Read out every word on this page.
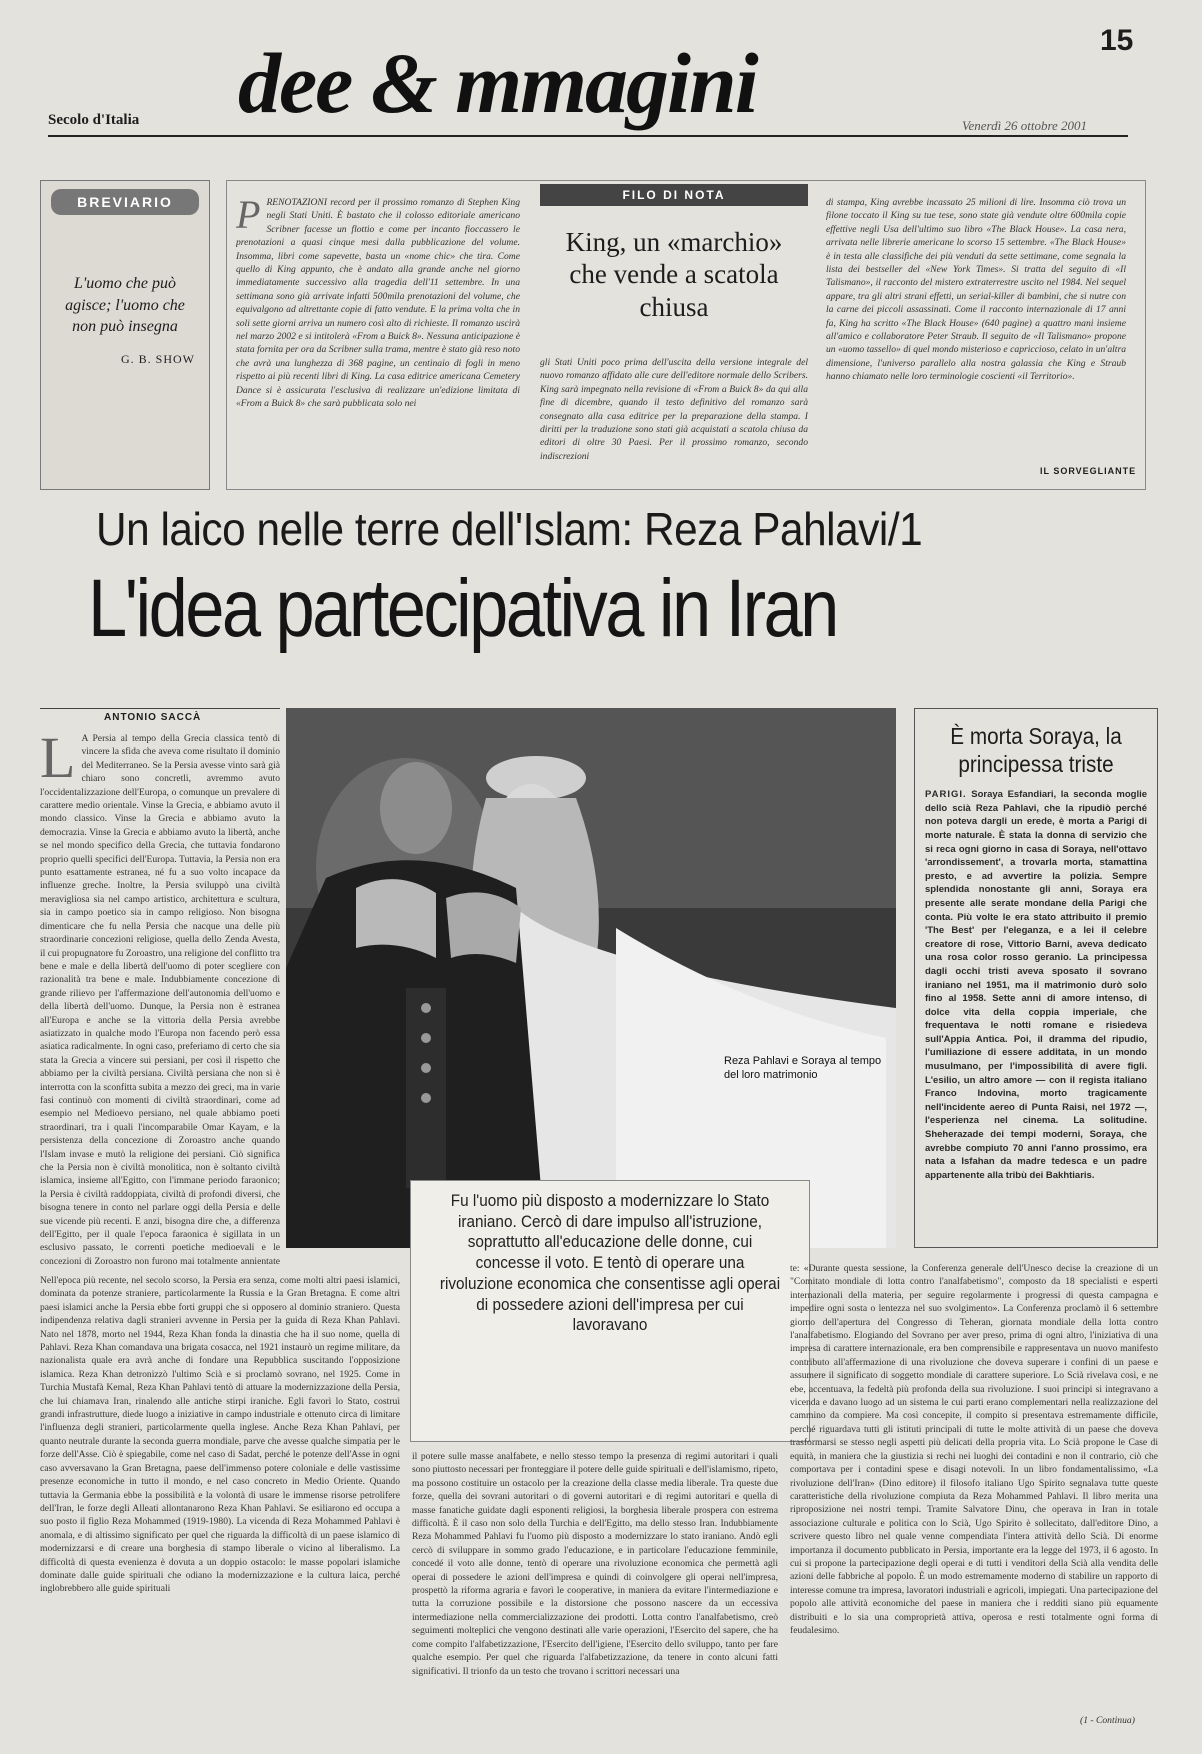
15
dee & mmagini
Secolo d'Italia	Venerdì 26 ottobre 2001
BREVIARIO
L'uomo che può agisce; l'uomo che non può insegna
G. B. SHOW
PRENOTAZIONI record per il prossimo romanzo di Stephen King negli Stati Uniti. È bastato che il colosso editoriale americano Scribner facesse un flottio e come per incanto fioccassero le prenotazioni a quasi cinque mesi dalla pubblicazione del volume. Insomma, libri come sapevette, basta un «nome chic» che tira. Come quello di King appunto, che è andato alla grande anche nel giorno immediatamente successivo alla tragedia dell'11 settembre. In una settimana sono già arrivate infatti 500mila prenotazioni del volume, che equivalgono ad altrettante copie di fatto vendute. E la prima volta che in soli sette giorni arriva un numero così alto di richieste. Il romanzo uscirà nel marzo 2002 e si intitolerà «From a Buick 8». Nessuna anticipazione è stata fornita per ora da Scribner sulla trama, mentre è stato già reso noto che avrà una lunghezza di 368 pagine, un centinaio di fogli in meno rispetto ai più recenti libri di King. La casa editrice americana Cemetery Dance si è assicurata l'esclusiva di realizzare un'edizione limitata di «From a Buick 8» che sarà pubblicata solo nei
FILO DI NOTA
King, un «marchio» che vende a scatola chiusa
gli Stati Uniti poco prima dell'uscita della versione integrale del nuovo romanzo affidato alle cure dell'editore normale dello Scribers. King sarà impegnato nella revisione di «From a Buick 8» da qui alla fine di dicembre, quando il testo definitivo del romanzo sarà consegnato alla casa editrice per la preparazione della stampa. I diritti per la traduzione sono stati già acquistati a scatola chiusa da editori di oltre 30 Paesi. Per il prossimo romanzo, secondo indiscrezioni
di stampa, King avrebbe incassato 25 milioni di lire. Insomma ciò trova un filone toccato il King su tue tese, sono state già vendute oltre 600mila copie effettive negli Usa dell'ultimo suo libro «The Black House». La casa nera, arrivata nelle librerie americane lo scorso 15 settembre. «The Black House» è in testa alle classifiche dei più venduti da sette settimane, come segnala la lista dei bestseller del «New York Times». Si tratta del seguito di «Il Talismano», il racconto del mistero extraterrestre uscito nel 1984. Nel sequel appare, tra gli altri strani effetti, un serial-killer di bambini, che si nutre con la carne dei piccoli assassinati. Come il racconto internazionale di 17 anni fa, King ha scritto «The Black House» (640 pagine) a quattro mani insieme all'amico e collaboratore Peter Straub. Il seguito de «Il Talismano» propone un «uomo tassello» di quel mondo misterioso e capriccioso, celato in un'altra dimensione, l'universo parallelo alla nostra galassia che King e Straub hanno chiamato nelle loro terminologie coscienti «il Territorio».
IL SORVEGLIANTE
Un laico nelle terre dell'Islam: Reza Pahlavi/1
L'idea partecipativa in Iran
ANTONIO SACCÀ
L A Persia al tempo della Grecia classica tentò di vincere la sfida che aveva come risultato il dominio del Mediterraneo. Se la Persia avesse vinto sarà già chiaro sono concretli, avremmo avuto l'occidentalizzazione dell'Europa, o comunque un prevalere di carattere medio orientale. Vinse la Grecia, e abbiamo avuto il mondo classico. Vinse la Grecia e abbiamo avuto la democrazia. Vinse la Grecia e abbiamo avuto la libertà, anche se nel mondo specifico della Grecia, che tuttavia fondarono proprio quelli specifici dell'Europa. Tuttavia, la Persia non era punto esattamente estranea, né fu a suo volto incapace da influenze greche. Inoltre, la Persia sviluppò una civiltà meravigliosa sia nel campo artistico, architettura e scultura, sia in campo poetico sia in campo religioso. Non bisogna dimenticare che fu nella Persia che nacque una delle più straordinarie concezioni religiose, quella dello Zenda Avesta, il cui propugnatore fu Zoroastro, una religione del conflitto tra bene e male e della libertà dell'uomo di poter scegliere con razionalità tra bene e male. Indubbiamente concezione di grande rilievo per l'affermazione dell'autonomia dell'uomo e della libertà dell'uomo. Dunque, la Persia non è estranea all'Europa e anche se la vittoria della Persia avrebbe asiatizzato in qualche modo l'Europa non facendo però essa asiatica radicalmente. In ogni caso, preferiamo di certo che sia stata la Grecia a vincere sui persiani, per così il rispetto che abbiamo per la civiltà persiana. Civiltà persiana che non si è interrotta con la sconfitta subita a mezzo dei greci, ma in varie fasi continuò con momenti di civiltà straordinari, come ad esempio nel Medioevo persiano, nel quale abbiamo poeti straordinari, tra i quali l'incomparabile Omar Kayam, e la persistenza della concezione di Zoroastro anche quando l'Islam invase e mutò la religione dei persiani. Ciò significa che la Persia non è civiltà monolitica, non è soltanto civiltà islamica, insieme all'Egitto, con l'immane periodo faraonico; la Persia è civiltà raddoppiata, civiltà di profondi diversi, che bisogna tenere in conto nel parlare oggi della Persia e delle sue vicende più recenti. E anzi, bisogna dire che, a differenza dell'Egitto, per il quale l'epoca faraonica è sigillata in un esclusivo passato, le correnti poetiche medioevali e le concezioni di Zoroastro non furono mai totalmente annientate
Reza Pahlavi e Soraya al tempo del loro matrimonio
Fu l'uomo più disposto a modernizzare lo Stato iraniano. Cercò di dare impulso all'istruzione, soprattutto all'educazione delle donne, cui concesse il voto. E tentò di operare una rivoluzione economica che consentisse agli operai di possedere azioni dell'impresa per cui lavoravano
È morta Soraya, la principessa triste
PARIGI. Soraya Esfandiari, la seconda moglie dello scià Reza Pahlavi, che la ripudiò perché non poteva dargli un erede, è morta a Parigi di morte naturale. È stata la donna di servizio che si reca ogni giorno in casa di Soraya, nell'ottavo 'arrondissement', a trovarla morta, stamattina presto, e ad avvertire la polizia. Sempre splendida nonostante gli anni, Soraya era presente alle serate mondane della Parigi che conta. Più volte le era stato attribuito il premio 'The Best' per l'eleganza, e a lei il celebre creatore di rose, Vittorio Barni, aveva dedicato una rosa color rosso geranio. La principessa dagli occhi tristi aveva sposato il sovrano iraniano nel 1951, ma il matrimonio durò solo fino al 1958. Sette anni di amore intenso, di dolce vita della coppia imperiale, che frequentava le notti romane e risiedeva sull'Appia Antica. Poi, il dramma del ripudio, l'umiliazione di essere additata, in un mondo musulmano, per l'impossibilità di avere figli. L'esilio, un altro amore — con il regista italiano Franco Indovina, morto tragicamente nell'incidente aereo di Punta Raisi, nel 1972 —, l'esperienza nel cinema. La solitudine. Sheherazade dei tempi moderni, Soraya, che avrebbe compiuto 70 anni l'anno prossimo, era nata a Isfahan da madre tedesca e un padre appartenente alla tribù dei Bakhtiaris.
Nell'epoca più recente, nel secolo scorso, la Persia era senza, come molti altri paesi islamici, dominata da potenze straniere, particolarmente la Russia e la Gran Bretagna. E come altri paesi islamici anche la Persia ebbe forti gruppi che si opposero al dominio straniero. Questa indipendenza relativa dagli stranieri avvenne in Persia per la guida di Reza Khan Pahlavi. Nato nel 1878, morto nel 1944, Reza Khan fonda la dinastia che ha il suo nome, quella di Pahlavi. Reza Khan comandava una brigata cosacca, nel 1921 instaurò un regime militare, da nazionalista quale era avrà anche di fondare una Repubblica suscitando l'opposizione islamica. Reza Khan detronizzò l'ultimo Scià e si proclamò sovrano, nel 1925. Come in Turchia Mustafà Kemal, Reza Khan Pahlavi tentò di attuare la modernizzazione della Persia, che lui chiamava Iran, rinalendo alle antiche stirpi iraniche. Egli favorì lo Stato, costruì grandi infrastrutture, diede luogo a iniziative in campo industriale e ottenuto circa di limitare l'influenza degli stranieri, particolarmente quella inglese. Anche Reza Khan Pahlavi, per quanto neutrale durante la seconda guerra mondiale, parve che avesse qualche simpatia per le forze dell'Asse. Ciò è spiegabile, come nel caso di Sadat, perché le potenze dell'Asse in ogni caso avversavano la Gran Bretagna, paese dell'immenso potere coloniale e delle vastissime presenze economiche in tutto il mondo, e nel caso concreto in Medio Oriente. Quando tuttavia la Germania ebbe la possibilità e la volontà di usare le immense risorse petrolifere dell'Iran, le forze degli Alleati allontanarono Reza Khan Pahlavi. Se esiliarono ed occupa a suo posto il figlio Reza Mohammed (1919-1980). La vicenda di Reza Mohammed Pahlavi è anomala, e di altissimo significato per quel che riguarda la difficoltà di un paese islamico di modernizzarsi e di creare una borghesia di stampo liberale o vicino al liberalismo. La difficoltà di questa evenienza è dovuta a un doppio ostacolo: le masse popolari islamiche dominate dalle guide spirituali che odiano la modernizzazione e la cultura laica, perché inglobrebbero alle guide spirituali
il potere sulle masse analfabete, e nello stesso tempo la presenza di regimi autoritari i quali sono piuttosto necessari per fronteggiare il potere delle guide spirituali e dell'islamismo, ripeto, ma possono costituire un ostacolo per la creazione della classe media liberale. Tra queste due forze, quella dei sovrani autoritari o di governi autoritari e di regimi autoritari e quella di masse fanatiche guidate dagli esponenti religiosi, la borghesia liberale prospera con estrema difficoltà. È il caso non solo della Turchia e dell'Egitto, ma dello stesso Iran. Indubbiamente Reza Mohammed Pahlavi fu l'uomo più disposto a modernizzare lo stato iraniano. Andò egli cercò di sviluppare in sommo grado l'educazione, e in particolare l'educazione femminile, concedé il voto alle donne, tentò di operare una rivoluzione economica che permettà agli operai di possedere le azioni dell'impresa e quindi di coinvolgere gli operai nell'impresa, prospettò la riforma agraria e favorì le cooperative, in maniera da evitare l'intermediazione e tutta la corruzione possibile e la distorsione che possono nascere da un eccessiva intermediazione nella commercializzazione dei prodotti. Lotta contro l'analfabetismo, creò seguimenti molteplici che vengono destinati alle varie operazioni, l'Esercito del sapere, che ha come compito l'alfabetizzazione, l'Esercito dell'igiene, l'Esercito dello sviluppo, tanto per fare qualche esempio. Per quel che riguarda l'alfabetizzazione, da tenere in conto alcuni fatti significativi. Il trionfo da un testo che trovano i scrittori necessari una
te: «Durante questa sessione, la Conferenza generale dell'Unesco decise la creazione di un "Comitato mondiale di lotta contro l'analfabetismo", composto da 18 specialisti e esperti internazionali della materia, per seguire regolarmente i progressi di questa campagna e impedire ogni sosta o lentezza nel suo svolgimento». La Conferenza proclamò il 6 settembre giorno dell'apertura del Congresso di Teheran, giornata mondiale della lotta contro l'analfabetismo. Elogiando del Sovrano per aver preso, prima di ogni altro, l'iniziativa di una impresa di carattere internazionale, era ben comprensibile e rappresentava un nuovo manifesto contributo all'affermazione di una rivoluzione che doveva superare i confini di un paese e assumere il significato di soggetto mondiale di carattere superiore. Lo Scià rivelava così, e ne ebe, accentuava, la fedeltà più profonda della sua rivoluzione. I suoi principi si integravano a vicenda e davano luogo ad un sistema le cui parti erano complementari nella realizzazione del cammino da compiere. Ma così concepite, il compito si presentava estremamente difficile, perché riguardava tutti gli istituti principali di tutte le molte attività di un paese che doveva trasformarsi se stesso negli aspetti più delicati della propria vita. Lo Scià propone le Case di equità, in maniera che la giustizia si rechi nei luoghi dei contadini e non il contrario, ciò che comportava per i contadini spese e disagi notevoli. In un libro fondamentalissimo, «La rivoluzione dell'Iran» (Dino editore) il filosofo italiano Ugo Spirito segnalava tutte queste caratteristiche della rivoluzione compiuta da Reza Mohammed Pahlavi. Il libro merita una riproposizione nei nostri tempi. Tramite Salvatore Dinu, che operava in Iran in totale associazione culturale e politica con lo Scià, Ugo Spirito è sollecitato, dall'editore Dino, a scrivere questo libro nel quale venne compendiata l'intera attività dello Scià. Di enorme importanza il documento pubblicato in Persia, importante era la legge del 1973, il 6 agosto. In cui si propone la partecipazione degli operai e di tutti i venditori della Scià alla vendita delle azioni delle fabbriche al popolo. È un modo estremamente moderno di stabilire un rapporto di interesse comune tra impresa, lavoratori industriali e agricoli, impiegati. Una partecipazione del popolo alle attività economiche del paese in maniera che i redditi siano più equamente distribuiti e lo sia una comproprietà attiva, operosa e resti totalmente ogni forma di feudalesimo.
(1 - Continua)
